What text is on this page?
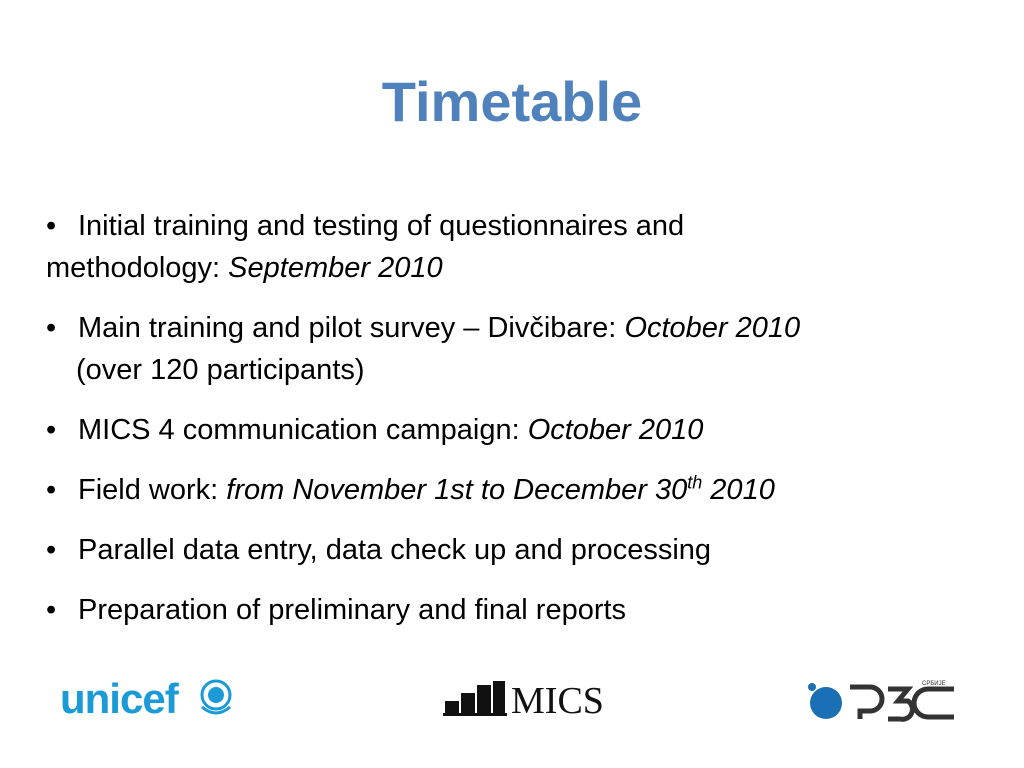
Timetable
• Initial training and testing of questionnaires and
methodology: September 2010
• Main training and pilot survey – Divčibare: October 2010
(over 120 participants)
• MICS 4 communication campaign: October 2010
• Field work: from November 1st to December 30th 2010
• Parallel data entry, data check up and processing
• Preparation of preliminary and final reports
unicef	MICS	СРБИЈЕ
